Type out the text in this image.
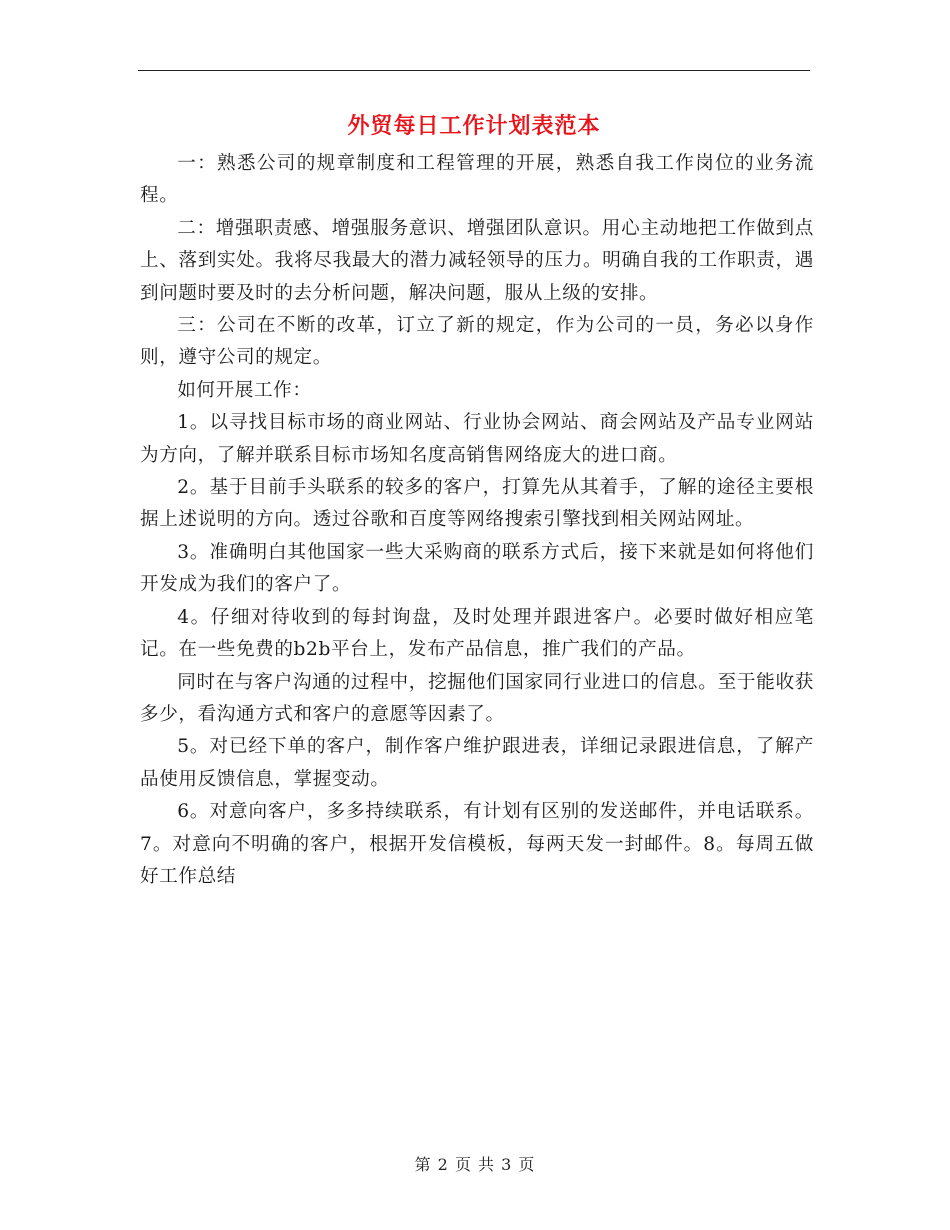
外贸每日工作计划表范本

一：熟悉公司的规章制度和工程管理的开展，熟悉自我工作岗位的业务流程。

二：增强职责感、增强服务意识、增强团队意识。用心主动地把工作做到点上、落到实处。我将尽我最大的潜力减轻领导的压力。明确自我的工作职责，遇到问题时要及时的去分析问题，解决问题，服从上级的安排。

三：公司在不断的改革，订立了新的规定，作为公司的一员，务必以身作则，遵守公司的规定。

如何开展工作：

1。以寻找目标市场的商业网站、行业协会网站、商会网站及产品专业网站为方向，了解并联系目标市场知名度高销售网络庞大的进口商。

2。基于目前手头联系的较多的客户，打算先从其着手，了解的途径主要根据上述说明的方向。透过谷歌和百度等网络搜索引擎找到相关网站网址。

3。准确明白其他国家一些大采购商的联系方式后，接下来就是如何将他们开发成为我们的客户了。

4。仔细对待收到的每封询盘，及时处理并跟进客户。必要时做好相应笔记。在一些免费的b2b平台上，发布产品信息，推广我们的产品。

同时在与客户沟通的过程中，挖掘他们国家同行业进口的信息。至于能收获多少，看沟通方式和客户的意愿等因素了。

5。对已经下单的客户，制作客户维护跟进表，详细记录跟进信息，了解产品使用反馈信息，掌握变动。

6。对意向客户，多多持续联系，有计划有区别的发送邮件，并电话联系。7。对意向不明确的客户，根据开发信模板，每两天发一封邮件。8。每周五做好工作总结

第 2 页 共 3 页
